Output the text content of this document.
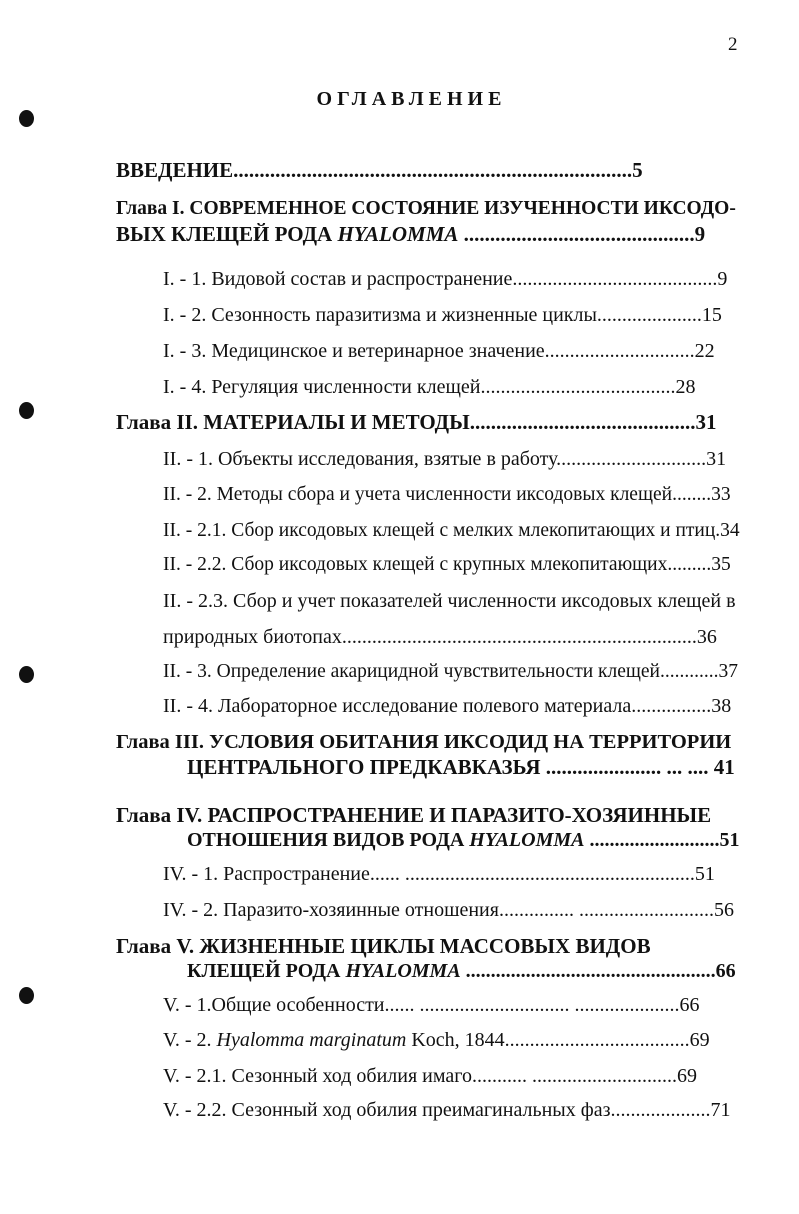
2
ОГЛАВЛЕНИЕ
ВВЕДЕНИЕ............................................................................5
Глава I. СОВРЕМЕННОЕ СОСТОЯНИЕ ИЗУЧЕННОСТИ ИКСОДО-
ВЫХ КЛЕЩЕЙ РОДА HYALOMMA ............................................9
I. - 1. Видовой состав и распространение.........................................9
I. - 2. Сезонность паразитизма и жизненные циклы.....................15
I. - 3. Медицинское и ветеринарное значение..............................22
I. - 4. Регуляция численности клещей.......................................28
Глава II. МАТЕРИАЛЫ И МЕТОДЫ...........................................31
II. - 1. Объекты исследования, взятые в работу..............................31
II. - 2. Методы сбора и учета численности иксодовых клещей........33
II. - 2.1. Сбор иксодовых клещей с мелких млекопитающих и птиц.34
II. - 2.2. Сбор иксодовых клещей с крупных млекопитающих.........35
II. - 2.3. Сбор и учет показателей численности иксодовых клещей в
природных биотопах.......................................................................36
II. - 3. Определение акарицидной чувствительности клещей............37
II. - 4. Лабораторное исследование полевого материала................38
Глава III. УСЛОВИЯ ОБИТАНИЯ ИКСОДИД НА ТЕРРИТОРИИ
ЦЕНТРАЛЬНОГО ПРЕДКАВКАЗЬЯ ...................... ... .... 41
Глава IV. РАСПРОСТРАНЕНИЕ И ПАРАЗИТО-ХОЗЯИННЫЕ
ОТНОШЕНИЯ ВИДОВ РОДА HYALOMMA ..........................51
IV. - 1. Распространение...... ..........................................................51
IV. - 2. Паразито-хозяинные отношения............... ...........................56
Глава V. ЖИЗНЕННЫЕ ЦИКЛЫ МАССОВЫХ ВИДОВ
КЛЕЩЕЙ РОДА HYALOMMA ..................................................66
V. - 1.Общие особенности...... .............................. .....................66
V. - 2. Hyalomma marginatum Koch, 1844.....................................69
V. - 2.1. Сезонный ход обилия имаго........... .............................69
V. - 2.2. Сезонный ход обилия преимагинальных фаз....................71
